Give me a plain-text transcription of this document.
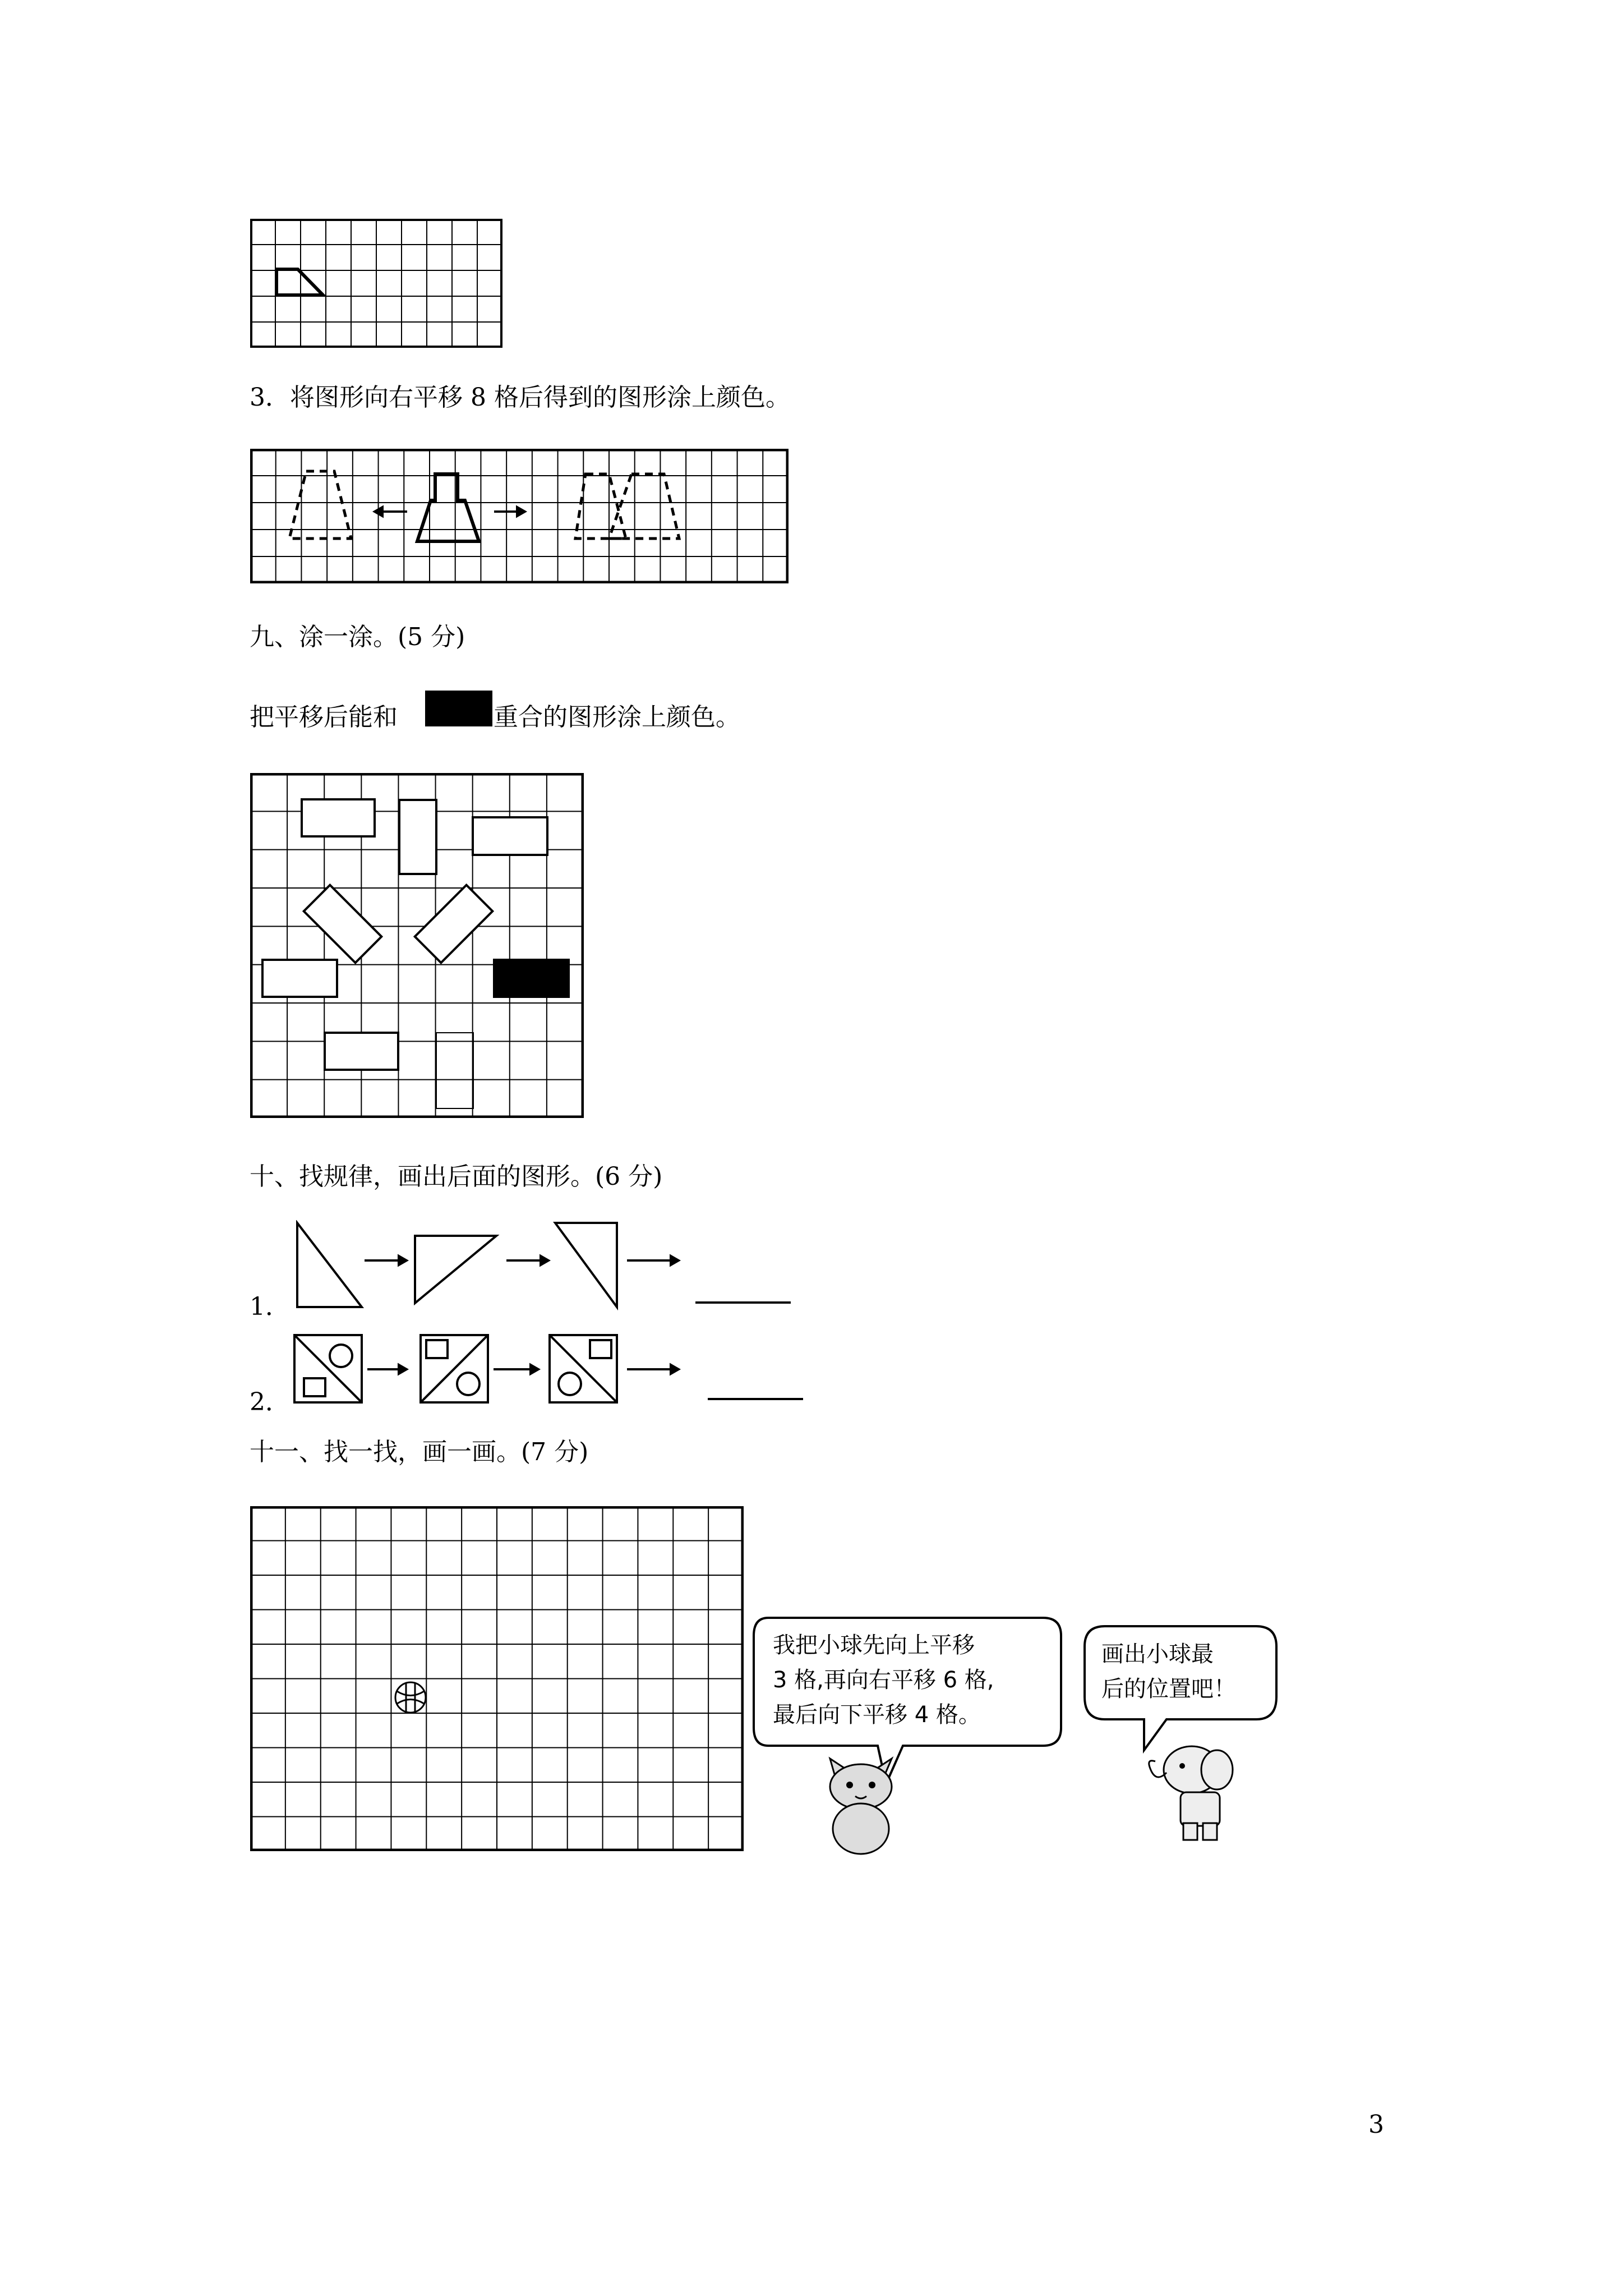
3．将图形向右平移 8 格后得到的图形涂上颜色。
九、涂一涂。(5 分)
把平移后能和	重合的图形涂上颜色。
十、找规律，画出后面的图形。(6 分)
1．
2．
十一、找一找，画一画。(7 分)
我把小球先向上平移
3 格,再向右平移 6 格,
最后向下平移 4 格。
画出小球最
后的位置吧！
3
